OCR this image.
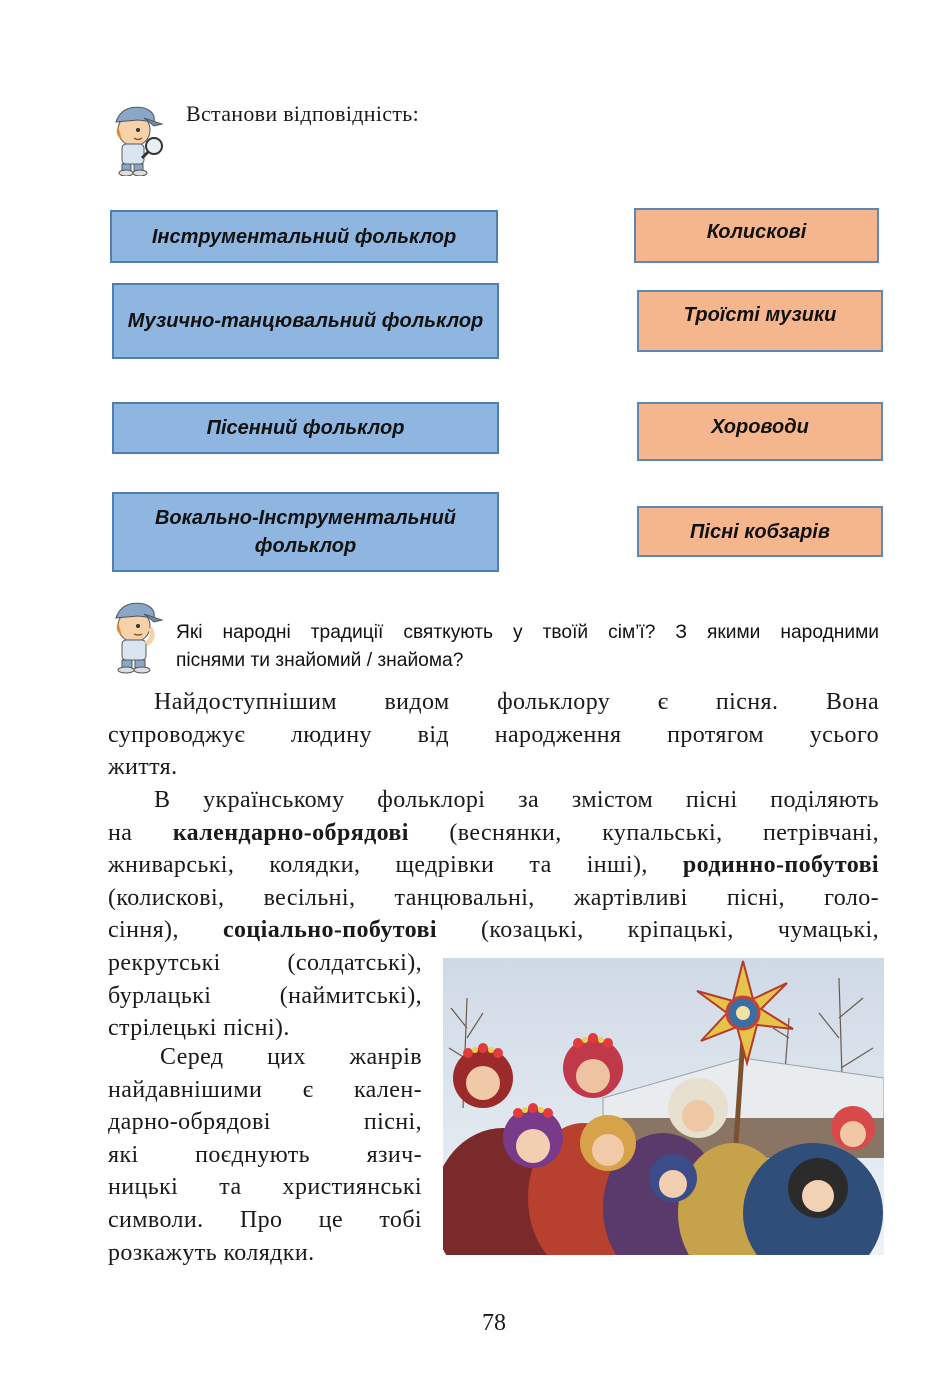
Встанови відповідність:
Інструментальний фольклор
Музично-танцювальний фольклор
Пісенний фольклор
Вокально-Інструментальний фольклор
Колискові
Троїсті музики
Хороводи
Пісні кобзарів
Які народні традиції святкують у твоїй сім’ї? З якими народними
піснями ти знайомий / знайома?
Найдоступнішим видом фольклору є пісня. Вона
супроводжує людину від народження протягом усього
життя.
В українському фольклорі за змістом пісні поділяють
на календарно-обрядові (веснянки, купальські, петрівчані,
жниварські, колядки, щедрівки та інші), родинно-побутові
(колискові, весільні, танцювальні, жартівливі пісні, голо-
сіння), соціально-побутові (козацькі, кріпацькі, чумацькі,
рекрутські (солдатські),
бурлацькі (наймитські),
стрілецькі пісні).
Серед цих жанрів
найдавнішими є кален-
дарно-обрядові пісні,
які поєднують язич-
ницькі та християнські
символи. Про це тобі
розкажуть колядки.
78
